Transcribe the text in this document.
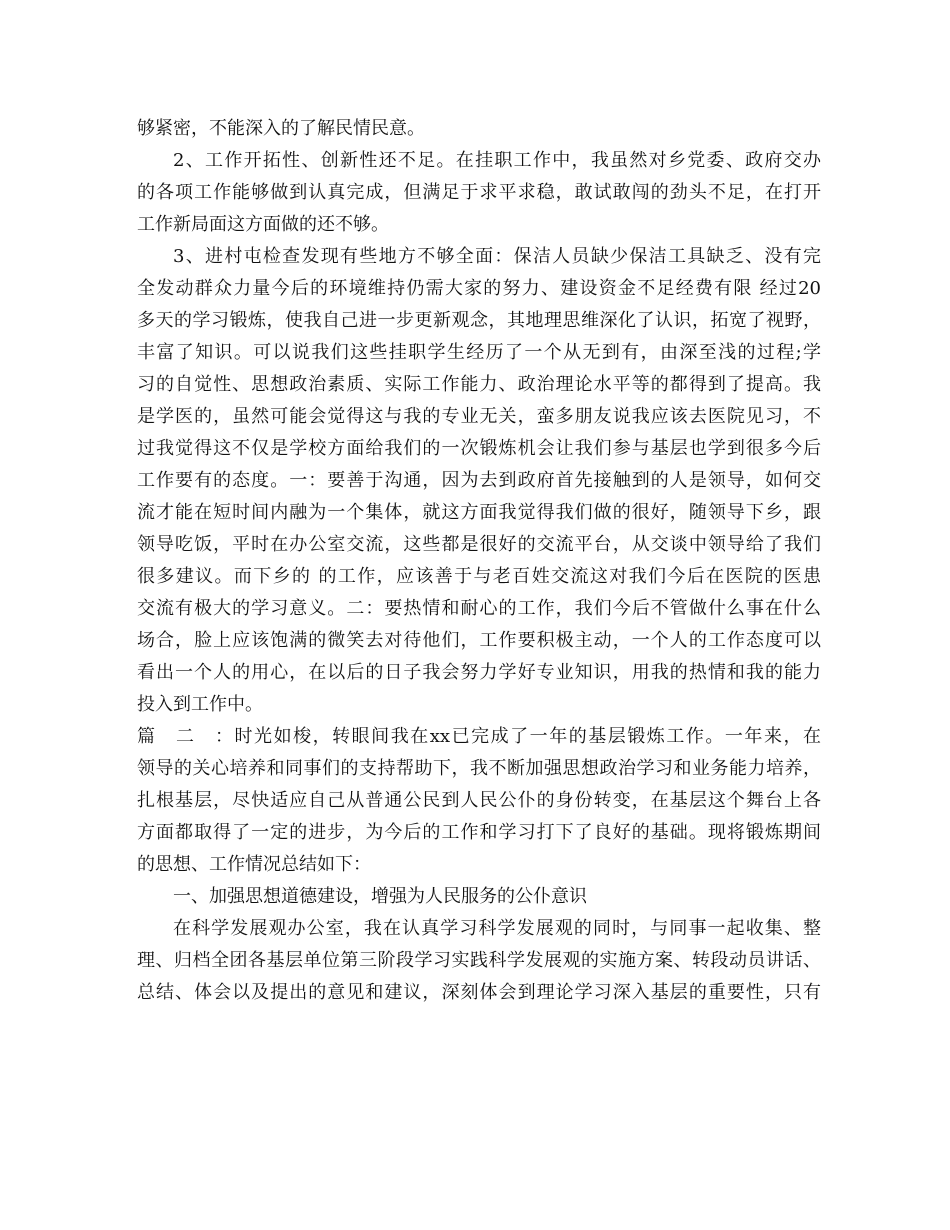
够紧密，不能深入的了解民情民意。
2、工作开拓性、创新性还不足。在挂职工作中，我虽然对乡党委、政府交办
的各项工作能够做到认真完成，但满足于求平求稳，敢试敢闯的劲头不足，在打开
工作新局面这方面做的还不够。
3、进村屯检查发现有些地方不够全面：保洁人员缺少保洁工具缺乏、没有完
全发动群众力量今后的环境维持仍需大家的努力、建设资金不足经费有限 经过20
多天的学习锻炼，使我自己进一步更新观念，其地理思维深化了认识，拓宽了视野，
丰富了知识。可以说我们这些挂职学生经历了一个从无到有，由深至浅的过程;学
习的自觉性、思想政治素质、实际工作能力、政治理论水平等的都得到了提高。我
是学医的，虽然可能会觉得这与我的专业无关，蛮多朋友说我应该去医院见习，不
过我觉得这不仅是学校方面给我们的一次锻炼机会让我们参与基层也学到很多今后
工作要有的态度。一：要善于沟通，因为去到政府首先接触到的人是领导，如何交
流才能在短时间内融为一个集体，就这方面我觉得我们做的很好，随领导下乡，跟
领导吃饭，平时在办公室交流，这些都是很好的交流平台，从交谈中领导给了我们
很多建议。而下乡的 的工作，应该善于与老百姓交流这对我们今后在医院的医患
交流有极大的学习意义。二：要热情和耐心的工作，我们今后不管做什么事在什么
场合，脸上应该饱满的微笑去对待他们，工作要积极主动，一个人的工作态度可以
看出一个人的用心，在以后的日子我会努力学好专业知识，用我的热情和我的能力
投入到工作中。
篇二：时光如梭，转眼间我在xx已完成了一年的基层锻炼工作。一年来，在
领导的关心培养和同事们的支持帮助下，我不断加强思想政治学习和业务能力培养，
扎根基层，尽快适应自己从普通公民到人民公仆的身份转变，在基层这个舞台上各
方面都取得了一定的进步，为今后的工作和学习打下了良好的基础。现将锻炼期间
的思想、工作情况总结如下：
一、加强思想道德建设，增强为人民服务的公仆意识
在科学发展观办公室，我在认真学习科学发展观的同时，与同事一起收集、整
理、归档全团各基层单位第三阶段学习实践科学发展观的实施方案、转段动员讲话、
总结、体会以及提出的意见和建议，深刻体会到理论学习深入基层的重要性，只有
